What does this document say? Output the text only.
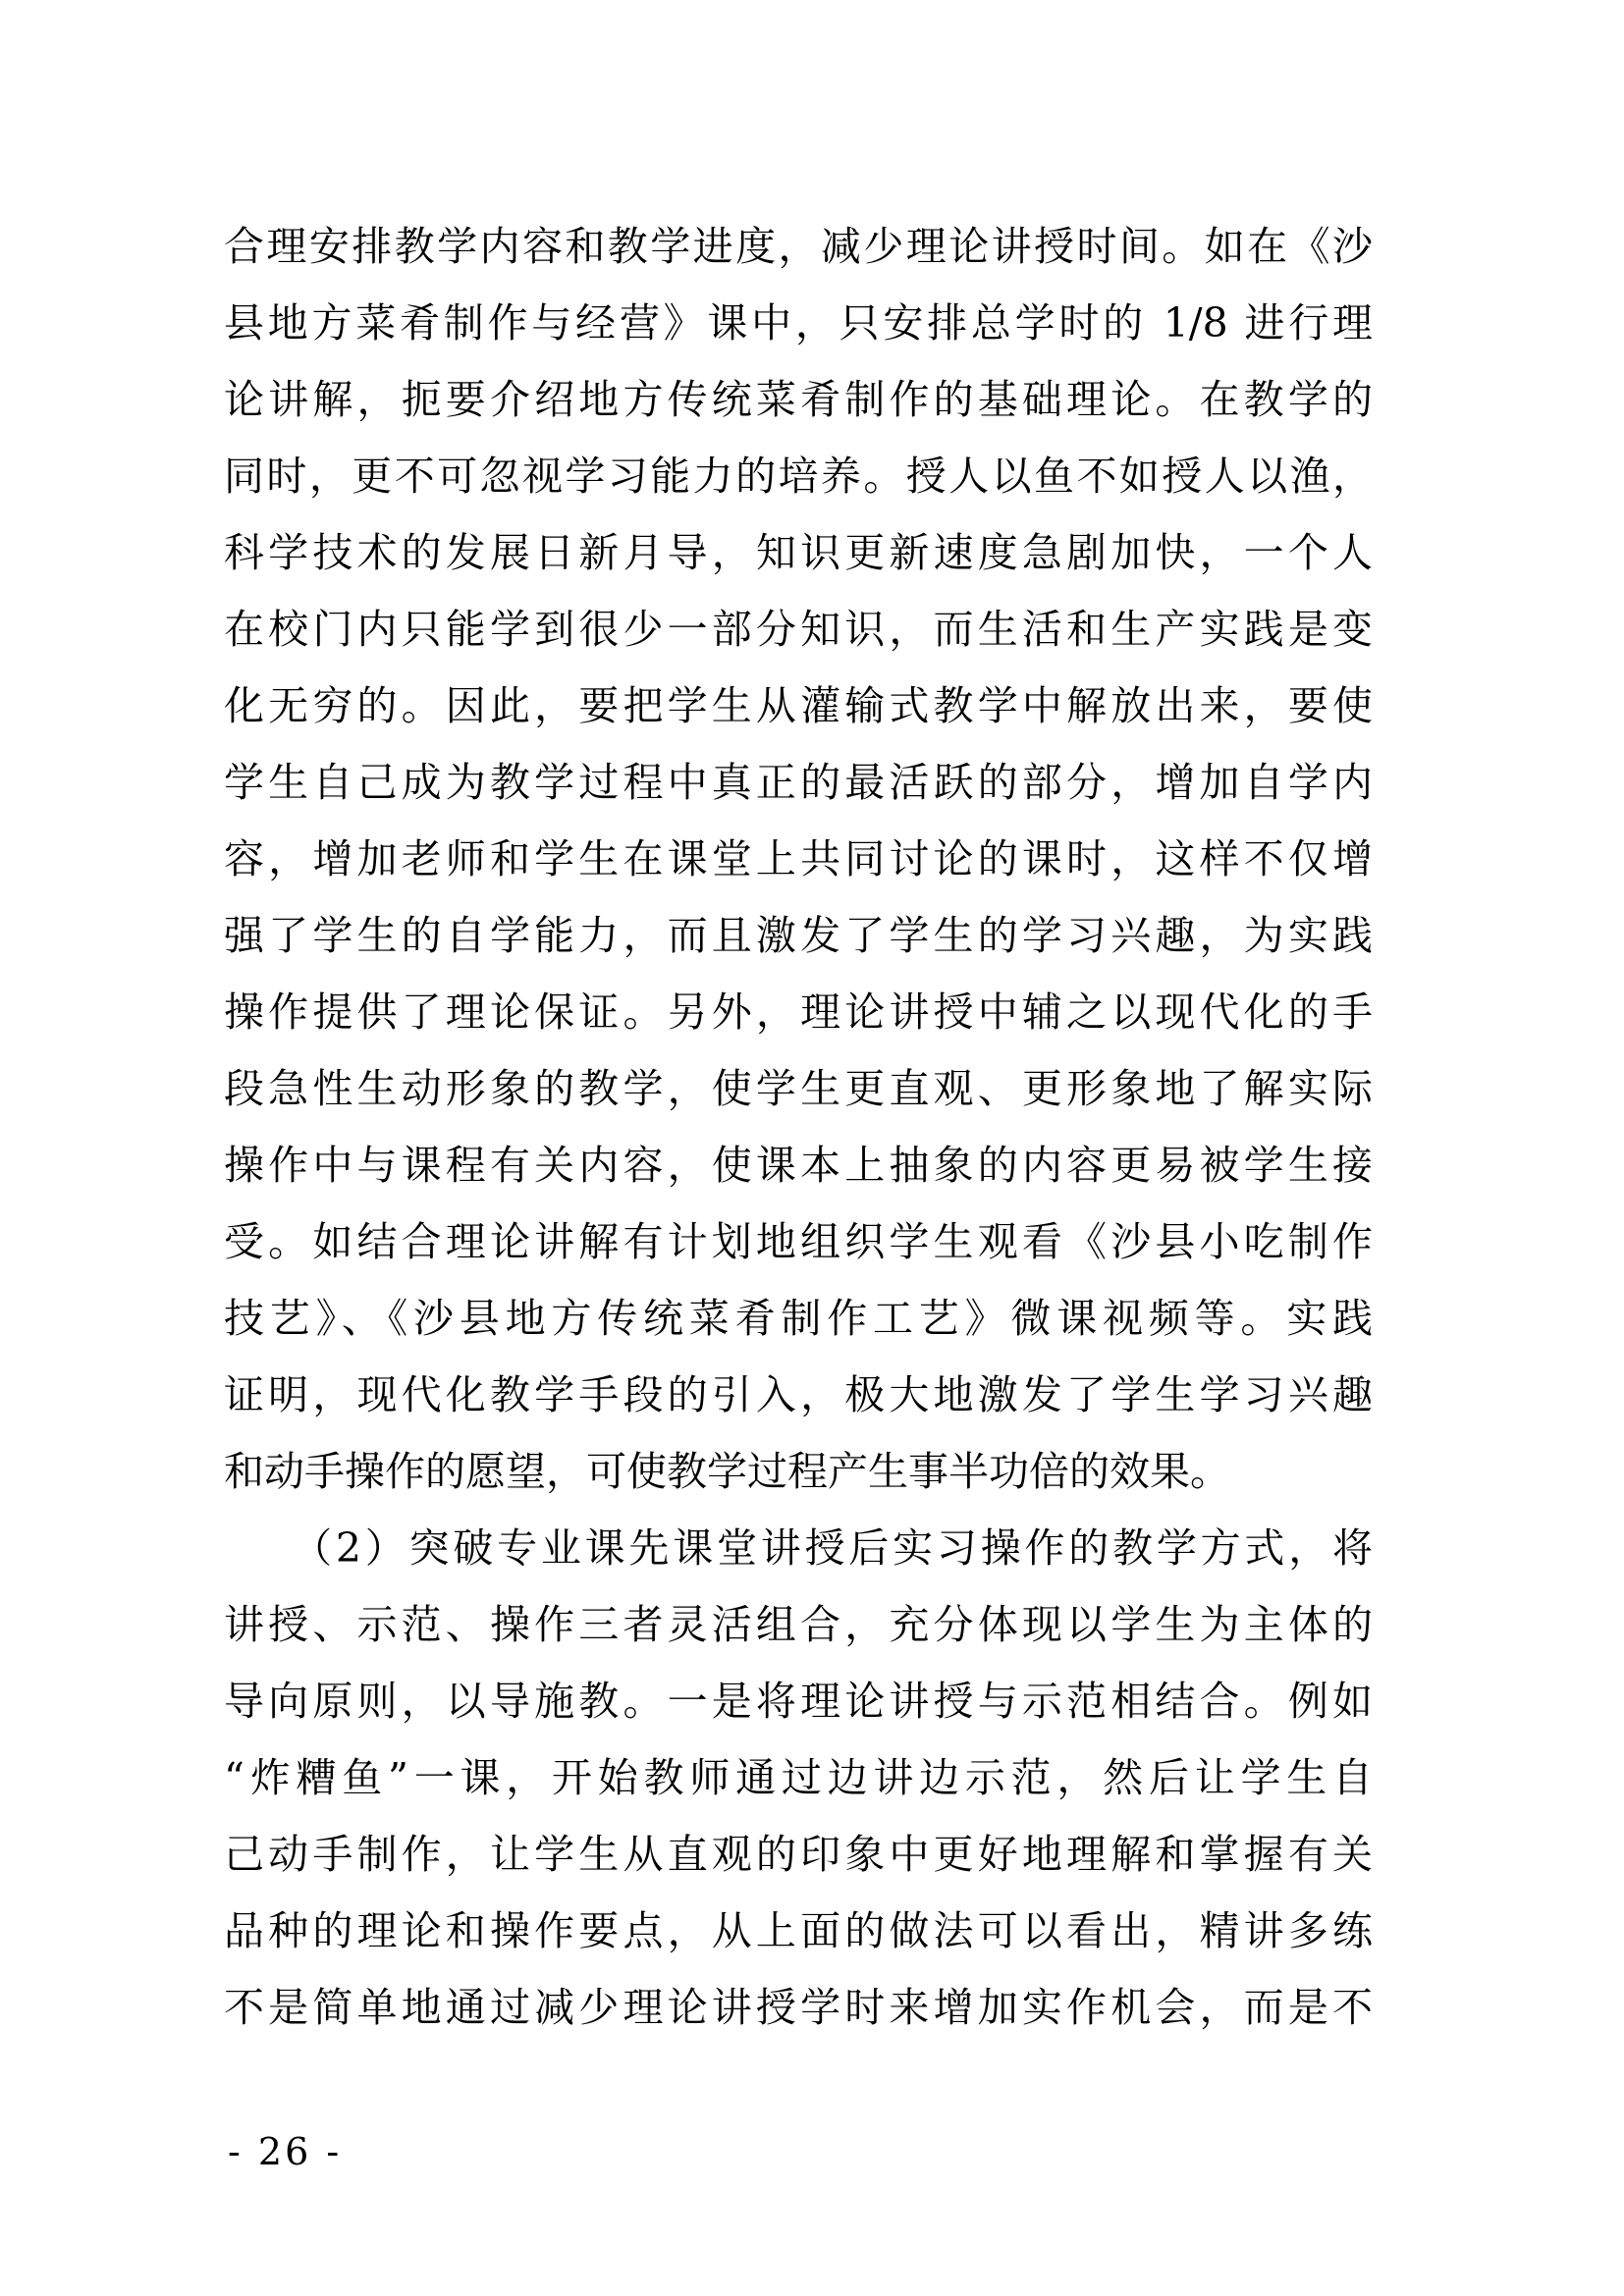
合理安排教学内容和教学进度，减少理论讲授时间。如在《沙
县地方菜肴制作与经营》课中，只安排总学时的 1/8 进行理
论讲解，扼要介绍地方传统菜肴制作的基础理论。在教学的
同时，更不可忽视学习能力的培养。授人以鱼不如授人以渔，
科学技术的发展日新月导，知识更新速度急剧加快，一个人
在校门内只能学到很少一部分知识，而生活和生产实践是变
化无穷的。因此，要把学生从灌输式教学中解放出来，要使
学生自己成为教学过程中真正的最活跃的部分，增加自学内
容，增加老师和学生在课堂上共同讨论的课时，这样不仅增
强了学生的自学能力，而且激发了学生的学习兴趣，为实践
操作提供了理论保证。另外，理论讲授中辅之以现代化的手
段急性生动形象的教学，使学生更直观、更形象地了解实际
操作中与课程有关内容，使课本上抽象的内容更易被学生接
受。如结合理论讲解有计划地组织学生观看《沙县小吃制作
技艺》、《沙县地方传统菜肴制作工艺》微课视频等。实践
证明，现代化教学手段的引入，极大地激发了学生学习兴趣
和动手操作的愿望，可使教学过程产生事半功倍的效果。
　　（2）突破专业课先课堂讲授后实习操作的教学方式，将
讲授、示范、操作三者灵活组合，充分体现以学生为主体的
导向原则，以导施教。一是将理论讲授与示范相结合。例如
“炸糟鱼”一课，开始教师通过边讲边示范，然后让学生自
己动手制作，让学生从直观的印象中更好地理解和掌握有关
品种的理论和操作要点，从上面的做法可以看出，精讲多练
不是简单地通过减少理论讲授学时来增加实作机会，而是不
- 26 -
